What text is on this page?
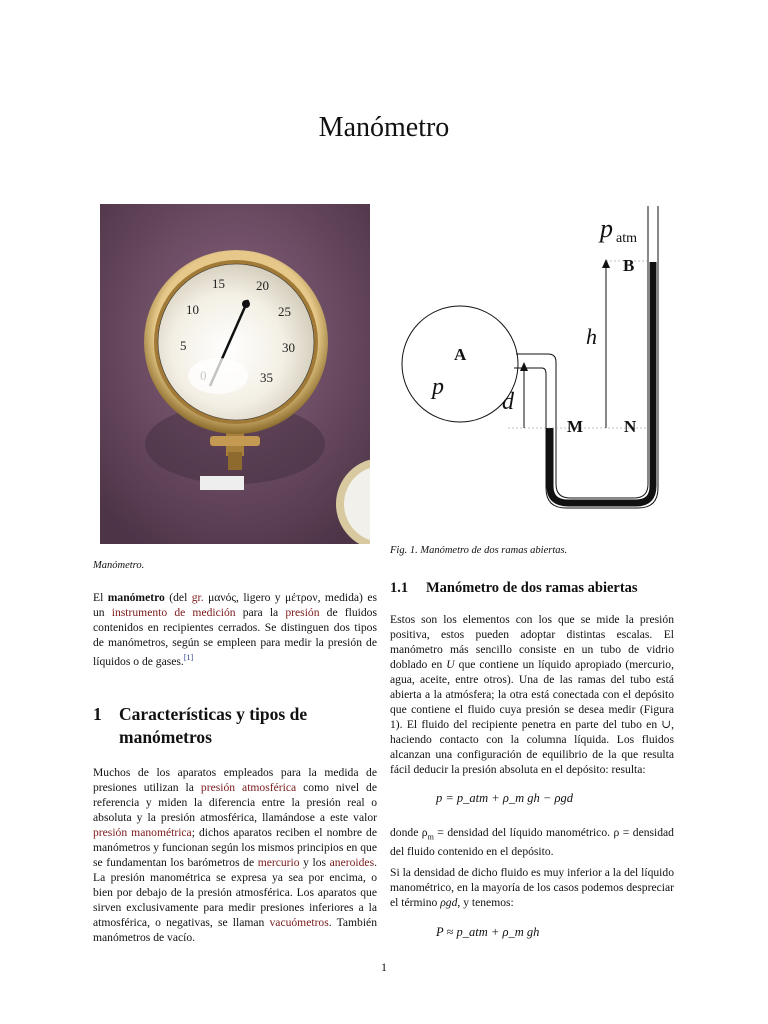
Manómetro
15 20
10	25
5	30
35
Manómetro.
p atm
B
A
h
p
d
M N
Fig. 1. Manómetro de dos ramas abiertas.

El manómetro (del gr. μανός, ligero y μέτρον, medida) es un instrumento de medición para la presión de fluidos contenidos en recipientes cerrados. Se distinguen dos tipos de manómetros, según se empleen para medir la presión de líquidos o de gases.[1]

1 Características y tipos de manómetros

Muchos de los aparatos empleados para la medida de presiones utilizan la presión atmosférica como nivel de referencia y miden la diferencia entre la presión real o absoluta y la presión atmosférica, llamándose a este valor presión manométrica; dichos aparatos reciben el nombre de manómetros y funcionan según los mismos principios en que se fundamentan los barómetros de mercurio y los aneroides. La presión manométrica se expresa ya sea por encima, o bien por debajo de la presión atmosférica. Los aparatos que sirven exclusivamente para medir presiones inferiores a la atmosférica, o negativas, se llaman vacuómetros. También manómetros de vacío.

1.1 Manómetro de dos ramas abiertas

Estos son los elementos con los que se mide la presión positiva, estos pueden adoptar distintas escalas. El manómetro más sencillo consiste en un tubo de vidrio doblado en U que contiene un líquido apropiado (mercurio, agua, aceite, entre otros). Una de las ramas del tubo está abierta a la atmósfera; la otra está conectada con el depósito que contiene el fluido cuya presión se desea medir (Figura 1). El fluido del recipiente penetra en parte del tubo en ∪, haciendo contacto con la columna líquida. Los fluidos alcanzan una configuración de equilibrio de la que resulta fácil deducir la presión absoluta en el depósito: resulta:

p = p_atm + ρ_m gh − ρgd

donde $\rho_m$ = densidad del líquido manométrico. ρ = densidad del fluido contenido en el depósito.

Si la densidad de dicho fluido es muy inferior a la del líquido manométrico, en la mayoría de los casos podemos despreciar el término ρgd, y tenemos:

P ≈ p_atm + ρ_m gh
1
